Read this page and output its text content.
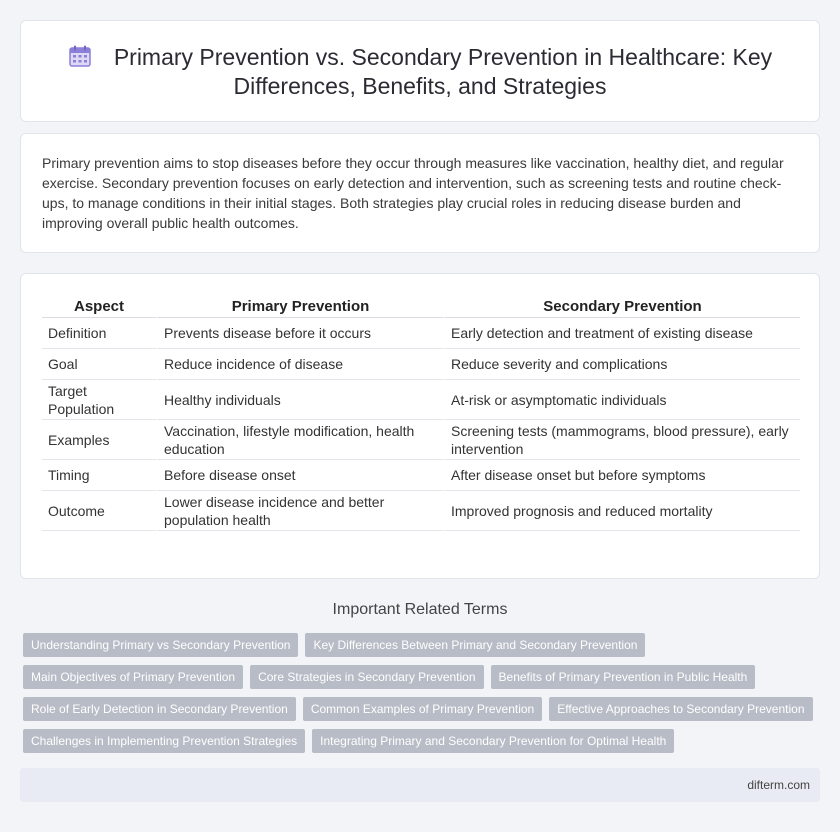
Primary Prevention vs. Secondary Prevention in Healthcare: Key Differences, Benefits, and Strategies

Primary prevention aims to stop diseases before they occur through measures like vaccination, healthy diet, and regular exercise. Secondary prevention focuses on early detection and intervention, such as screening tests and routine check-ups, to manage conditions in their initial stages. Both strategies play crucial roles in reducing disease burden and improving overall public health outcomes.

Aspect	Primary Prevention	Secondary Prevention
Definition	Prevents disease before it occurs	Early detection and treatment of existing disease
Goal	Reduce incidence of disease	Reduce severity and complications
Target Population	Healthy individuals	At-risk or asymptomatic individuals
Examples	Vaccination, lifestyle modification, health education	Screening tests (mammograms, blood pressure), early intervention
Timing	Before disease onset	After disease onset but before symptoms
Outcome	Lower disease incidence and better population health	Improved prognosis and reduced mortality
Important Related Terms
Understanding Primary vs Secondary Prevention	Key Differences Between Primary and Secondary Prevention
Main Objectives of Primary Prevention	Core Strategies in Secondary Prevention	Benefits of Primary Prevention in Public Health
Role of Early Detection in Secondary Prevention	Common Examples of Primary Prevention	Effective Approaches to Secondary Prevention
Challenges in Implementing Prevention Strategies	Integrating Primary and Secondary Prevention for Optimal Health
difterm.com
